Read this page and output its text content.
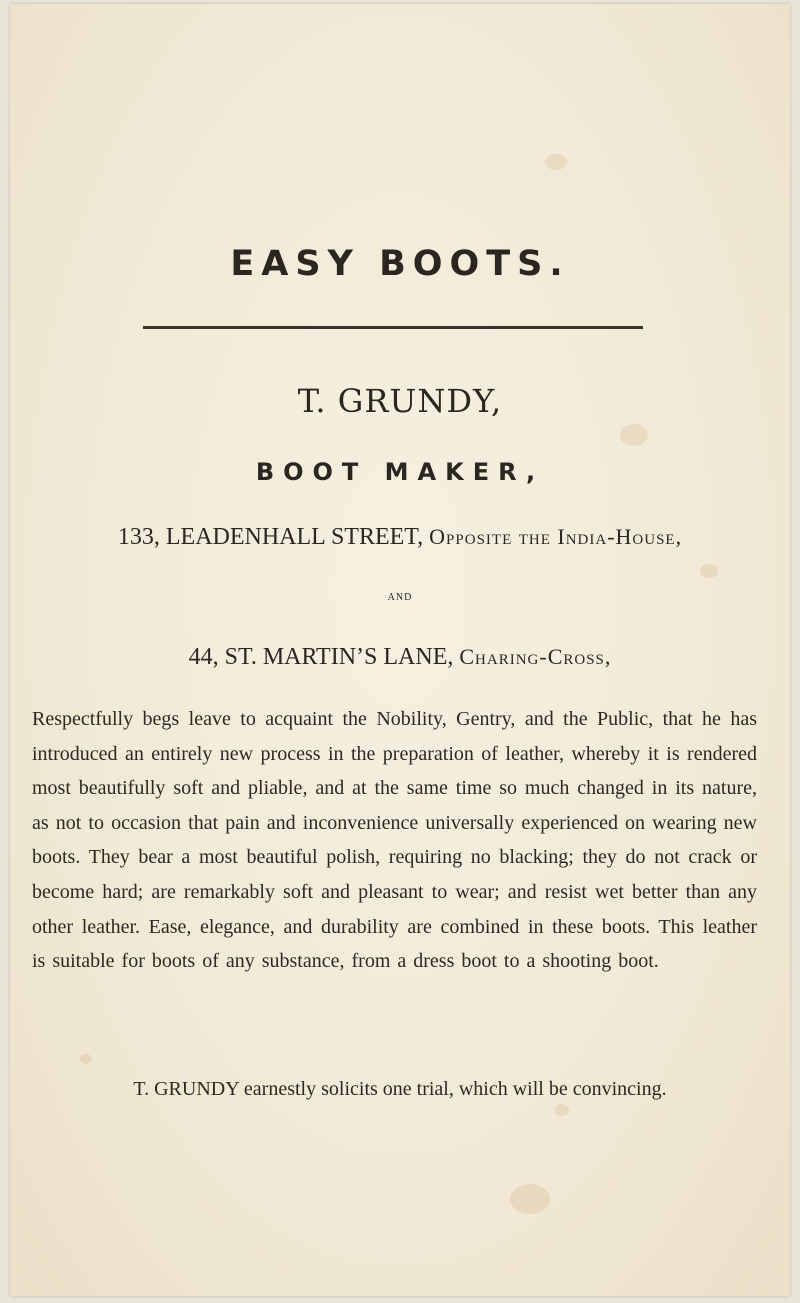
EASY BOOTS.
T. GRUNDY,
BOOT MAKER,
133, LEADENHALL STREET, Opposite the India-House,
AND
44, ST. MARTIN’S LANE, Charing-Cross,
Respectfully begs leave to acquaint the Nobility, Gentry, and the Public, that he has introduced an entirely new process in the preparation of leather, whereby it is rendered most beautifully soft and pliable, and at the same time so much changed in its nature, as not to occasion that pain and inconvenience universally experienced on wearing new boots. They bear a most beautiful polish, requiring no blacking; they do not crack or become hard; are remarkably soft and pleasant to wear; and resist wet better than any other leather. Ease, elegance, and durability are combined in these boots. This leather is suitable for boots of any substance, from a dress boot to a shooting boot.
T. GRUNDY earnestly solicits one trial, which will be convincing.
